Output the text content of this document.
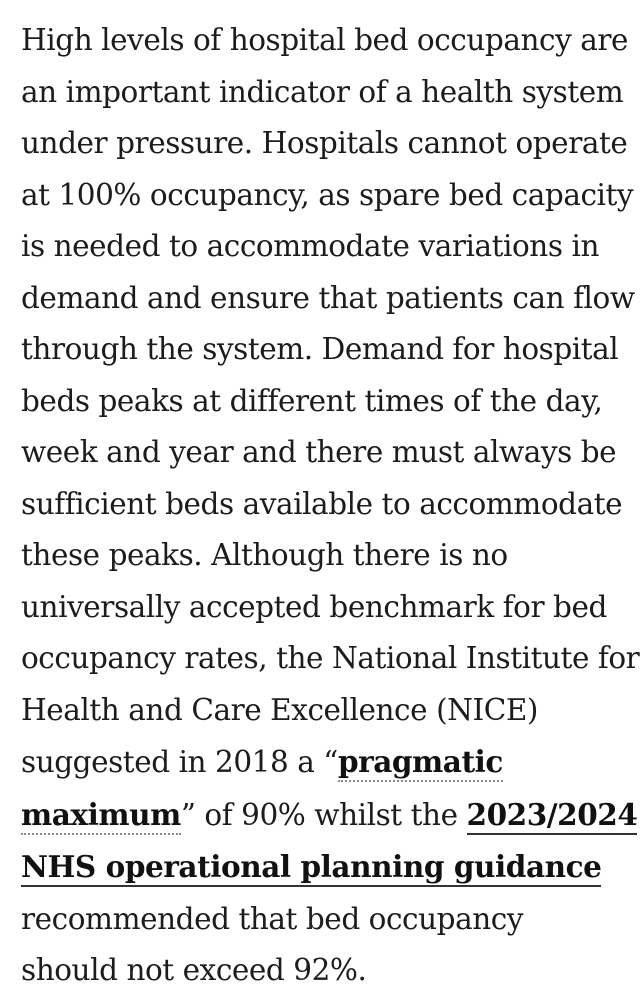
High levels of hospital bed occupancy are
an important indicator of a health system
under pressure. Hospitals cannot operate
at 100% occupancy, as spare bed capacity
is needed to accommodate variations in
demand and ensure that patients can flow
through the system. Demand for hospital
beds peaks at different times of the day,
week and year and there must always be
sufficient beds available to accommodate
these peaks. Although there is no
universally accepted benchmark for bed
occupancy rates, the National Institute for
Health and Care Excellence (NICE)
suggested in 2018 a “pragmatic
maximum” of 90% whilst the 2023/2024
NHS operational planning guidance
recommended that bed occupancy
should not exceed 92%.
